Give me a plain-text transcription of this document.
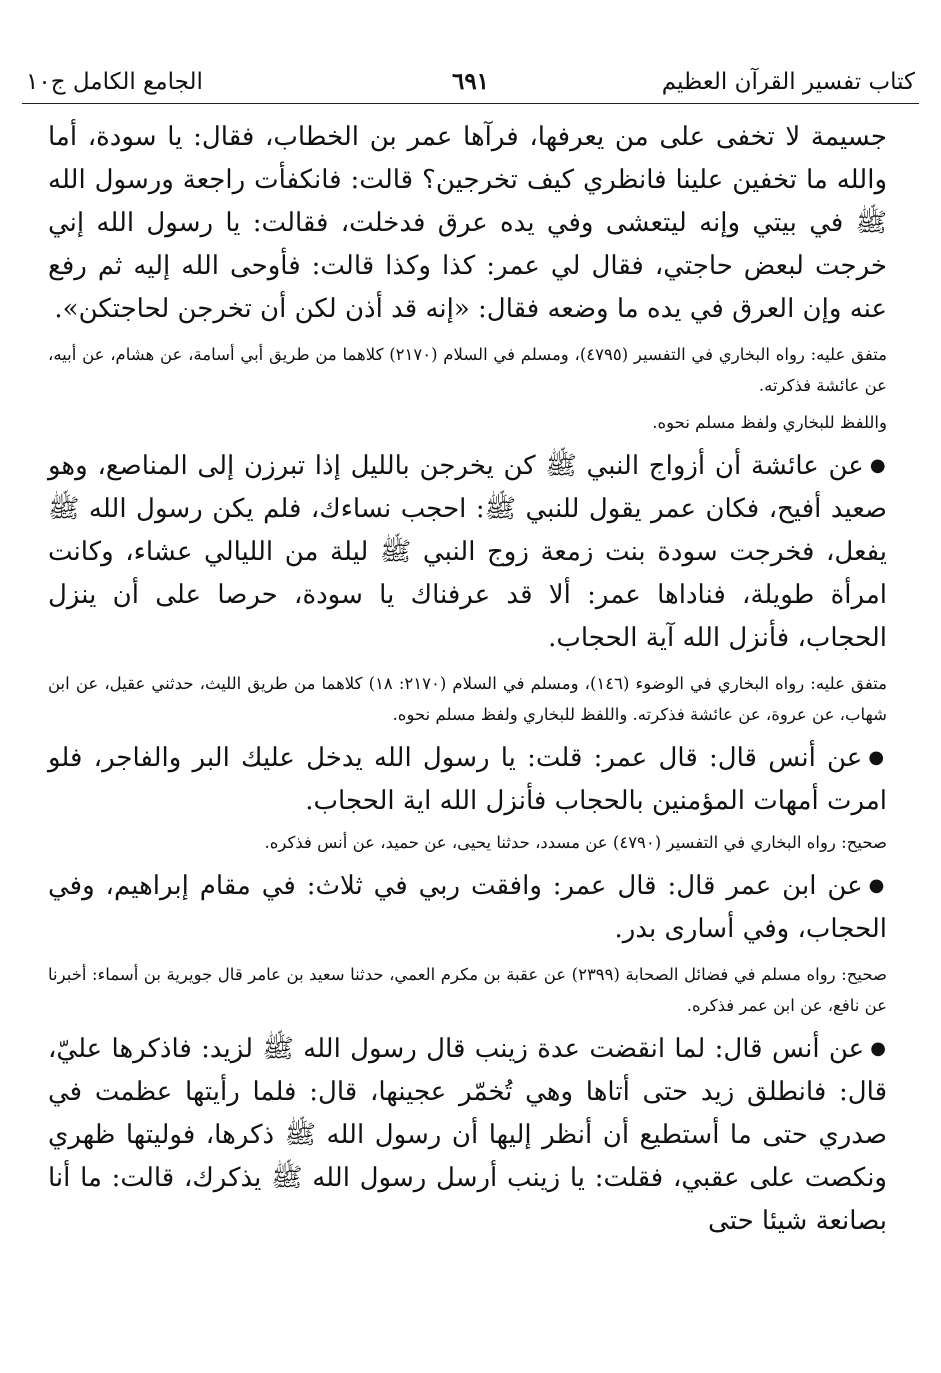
كتاب تفسير القرآن العظيم
٦٩١
الجامع الكامل ج١٠

جسيمة لا تخفى على من يعرفها، فرآها عمر بن الخطاب، فقال: يا سودة، أما والله ما تخفين علينا فانظري كيف تخرجين؟ قالت: فانكفأت راجعة ورسول الله ﷺ في بيتي وإنه ليتعشى وفي يده عرق فدخلت، فقالت: يا رسول الله إني خرجت لبعض حاجتي، فقال لي عمر: كذا وكذا قالت: فأوحى الله إليه ثم رفع عنه وإن العرق في يده ما وضعه فقال: «إنه قد أذن لكن أن تخرجن لحاجتكن».

متفق عليه: رواه البخاري في التفسير (٤٧٩٥)، ومسلم في السلام (٢١٧٠) كلاهما من طريق أبي أسامة، عن هشام، عن أبيه، عن عائشة فذكرته.

واللفظ للبخاري ولفظ مسلم نحوه.

●عن عائشة أن أزواج النبي ﷺ كن يخرجن بالليل إذا تبرزن إلى المناصع، وهو صعيد أفيح، فكان عمر يقول للنبي ﷺ: احجب نساءك، فلم يكن رسول الله ﷺ يفعل، فخرجت سودة بنت زمعة زوج النبي ﷺ ليلة من الليالي عشاء، وكانت امرأة طويلة، فناداها عمر: ألا قد عرفناك يا سودة، حرصا على أن ينزل الحجاب، فأنزل الله آية الحجاب.

متفق عليه: رواه البخاري في الوضوء (١٤٦)، ومسلم في السلام (٢١٧٠: ١٨) كلاهما من طريق الليث، حدثني عقيل، عن ابن شهاب، عن عروة، عن عائشة فذكرته. واللفظ للبخاري ولفظ مسلم نحوه.

●عن أنس قال: قال عمر: قلت: يا رسول الله يدخل عليك البر والفاجر، فلو امرت أمهات المؤمنين بالحجاب فأنزل الله اية الحجاب.

صحيح: رواه البخاري في التفسير (٤٧٩٠) عن مسدد، حدثنا يحيى، عن حميد، عن أنس فذكره.

●عن ابن عمر قال: قال عمر: وافقت ربي في ثلاث: في مقام إبراهيم، وفي الحجاب، وفي أسارى بدر.

صحيح: رواه مسلم في فضائل الصحابة (٢٣٩٩) عن عقبة بن مكرم العمي، حدثنا سعيد بن عامر قال جويرية بن أسماء: أخبرنا عن نافع، عن ابن عمر فذكره.

●عن أنس قال: لما انقضت عدة زينب قال رسول الله ﷺ لزيد: فاذكرها عليّ، قال: فانطلق زيد حتى أتاها وهي تُخمّر عجينها، قال: فلما رأيتها عظمت في صدري حتى ما أستطيع أن أنظر إليها أن رسول الله ﷺ ذكرها، فوليتها ظهري ونكصت على عقبي، فقلت: يا زينب أرسل رسول الله ﷺ يذكرك، قالت: ما أنا بصانعة شيئا حتى
